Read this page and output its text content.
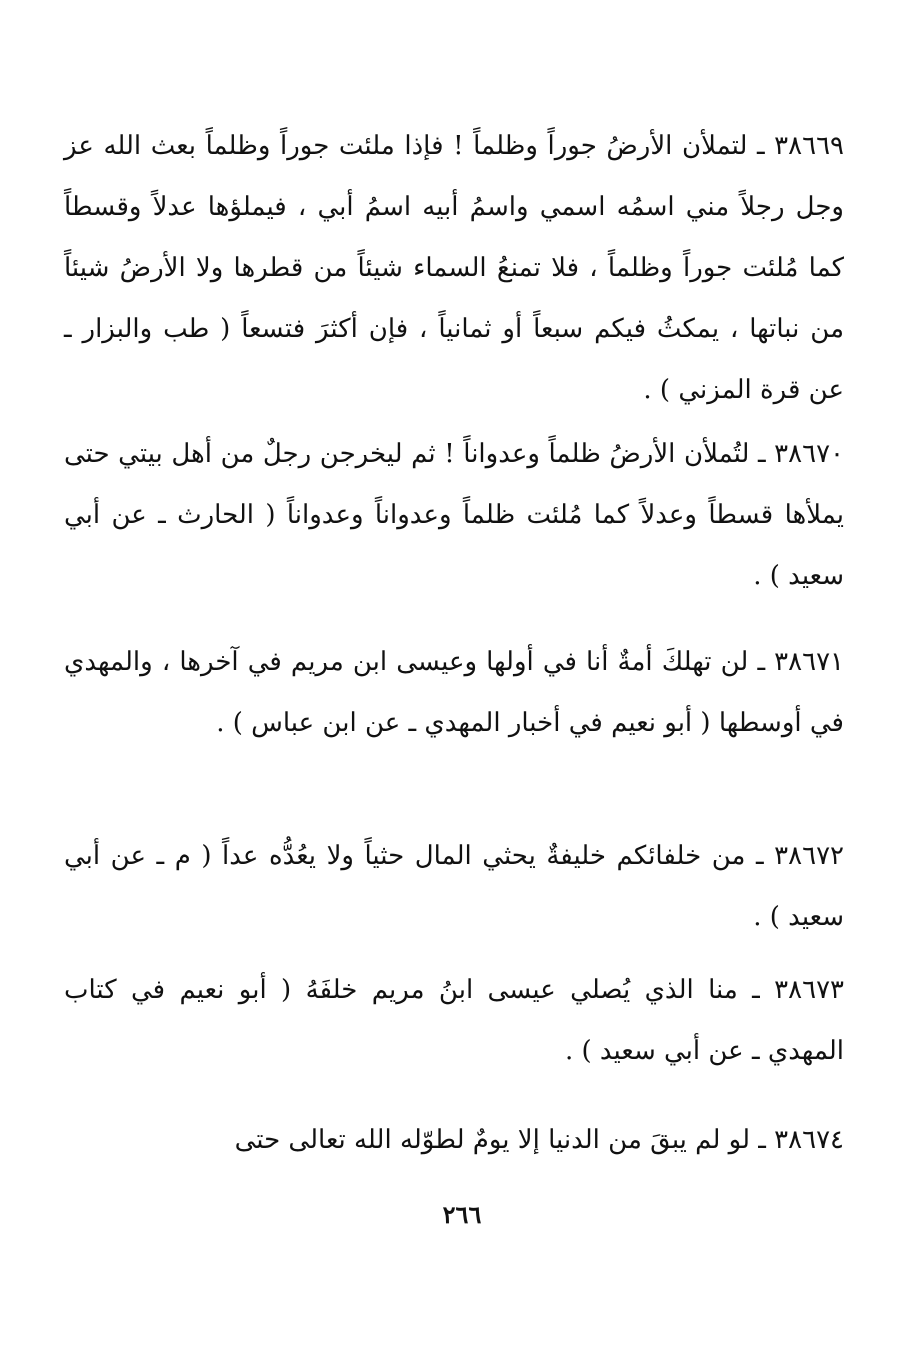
٣٨٦٦٩ ـ لتملأن الأرضُ جوراً وظلماً ! فإذا ملئت جوراً وظلماً بعث الله عز وجل رجلاً مني اسمُه اسمي واسمُ أبيه اسمُ أبي ، فيملؤها عدلاً وقسطاً كما مُلئت جوراً وظلماً ، فلا تمنعُ السماء شيئاً من قطرها ولا الأرضُ شيئاً من نباتها ، يمكثُ فيكم سبعاً أو ثمانياً ، فإن أكثرَ فتسعاً ( طب والبزار ـ عن قرة المزني ) .

٣٨٦٧٠ ـ لتُملأن الأرضُ ظلماً وعدواناً ! ثم ليخرجن رجلٌ من أهل بيتي حتى يملأها قسطاً وعدلاً كما مُلئت ظلماً وعدواناً وعدواناً ( الحارث ـ عن أبي سعيد ) .

٣٨٦٧١ ـ لن تهلكَ أمةٌ أنا في أولها وعيسى ابن مريم في آخرها ، والمهدي في أوسطها ( أبو نعيم في أخبار المهدي ـ عن ابن عباس ) .

٣٨٦٧٢ ـ من خلفائكم خليفةٌ يحثي المال حثياً ولا يعُدُّه عداً ( م ـ عن أبي سعيد ) .

٣٨٦٧٣ ـ منا الذي يُصلي عيسى ابنُ مريم خلفَهُ ( أبو نعيم في كتاب المهدي ـ عن أبي سعيد ) .

٣٨٦٧٤ ـ لو لم يبقَ من الدنيا إلا يومٌ لطوّله الله تعالى حتى

٢٦٦
